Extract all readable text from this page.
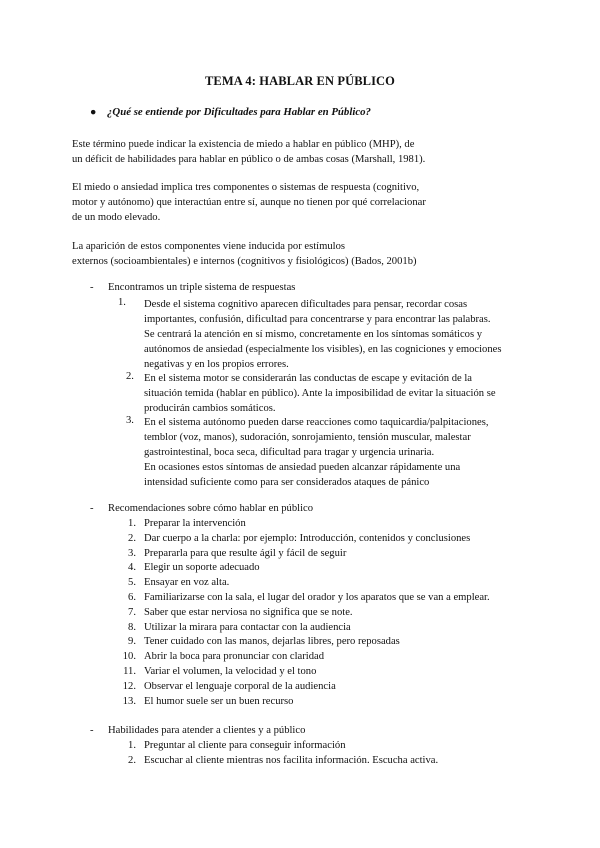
TEMA 4: HABLAR EN PÚBLICO
● ¿Qué se entiende por Dificultades para Hablar en Público?
Este término puede indicar la existencia de miedo a hablar en público (MHP), de
un déficit de habilidades para hablar en público o de ambas cosas (Marshall, 1981).
El miedo o ansiedad implica tres componentes o sistemas de respuesta (cognitivo,
motor y autónomo) que interactúan entre sí, aunque no tienen por qué correlacionar
de un modo elevado.
La aparición de estos componentes viene inducida por estímulos
externos (socioambientales) e internos (cognitivos y fisiológicos) (Bados, 2001b)
- Encontramos un triple sistema de respuestas
1.	Desde el sistema cognitivo aparecen dificultades para pensar, recordar cosas
importantes, confusión, dificultad para concentrarse y para encontrar las palabras.
Se centrará la atención en sí mismo, concretamente en los síntomas somáticos y
autónomos de ansiedad (especialmente los visibles), en las cogniciones y emociones
negativas y en los propios errores.
2. En el sistema motor se considerarán las conductas de escape y evitación de la
situación temida (hablar en público). Ante la imposibilidad de evitar la situación se
producirán cambios somáticos.
3. En el sistema autónomo pueden darse reacciones como taquicardia/palpitaciones,
temblor (voz, manos), sudoración, sonrojamiento, tensión muscular, malestar
gastrointestinal, boca seca, dificultad para tragar y urgencia urinaria.
En ocasiones estos síntomas de ansiedad pueden alcanzar rápidamente una
intensidad suficiente como para ser considerados ataques de pánico
- Recomendaciones sobre cómo hablar en público
1. Preparar la intervención
2. Dar cuerpo a la charla: por ejemplo: Introducción, contenidos y conclusiones
3. Prepararla para que resulte ágil y fácil de seguir
4. Elegir un soporte adecuado
5. Ensayar en voz alta.
6. Familiarizarse con la sala, el lugar del orador y los aparatos que se van a emplear.
7. Saber que estar nerviosa no significa que se note.
8. Utilizar la mirara para contactar con la audiencia
9. Tener cuidado con las manos, dejarlas libres, pero reposadas
10. Abrir la boca para pronunciar con claridad
11. Variar el volumen, la velocidad y el tono
12. Observar el lenguaje corporal de la audiencia
13. El humor suele ser un buen recurso
- Habilidades para atender a clientes y a público
1. Preguntar al cliente para conseguir información
2. Escuchar al cliente mientras nos facilita información. Escucha activa.
